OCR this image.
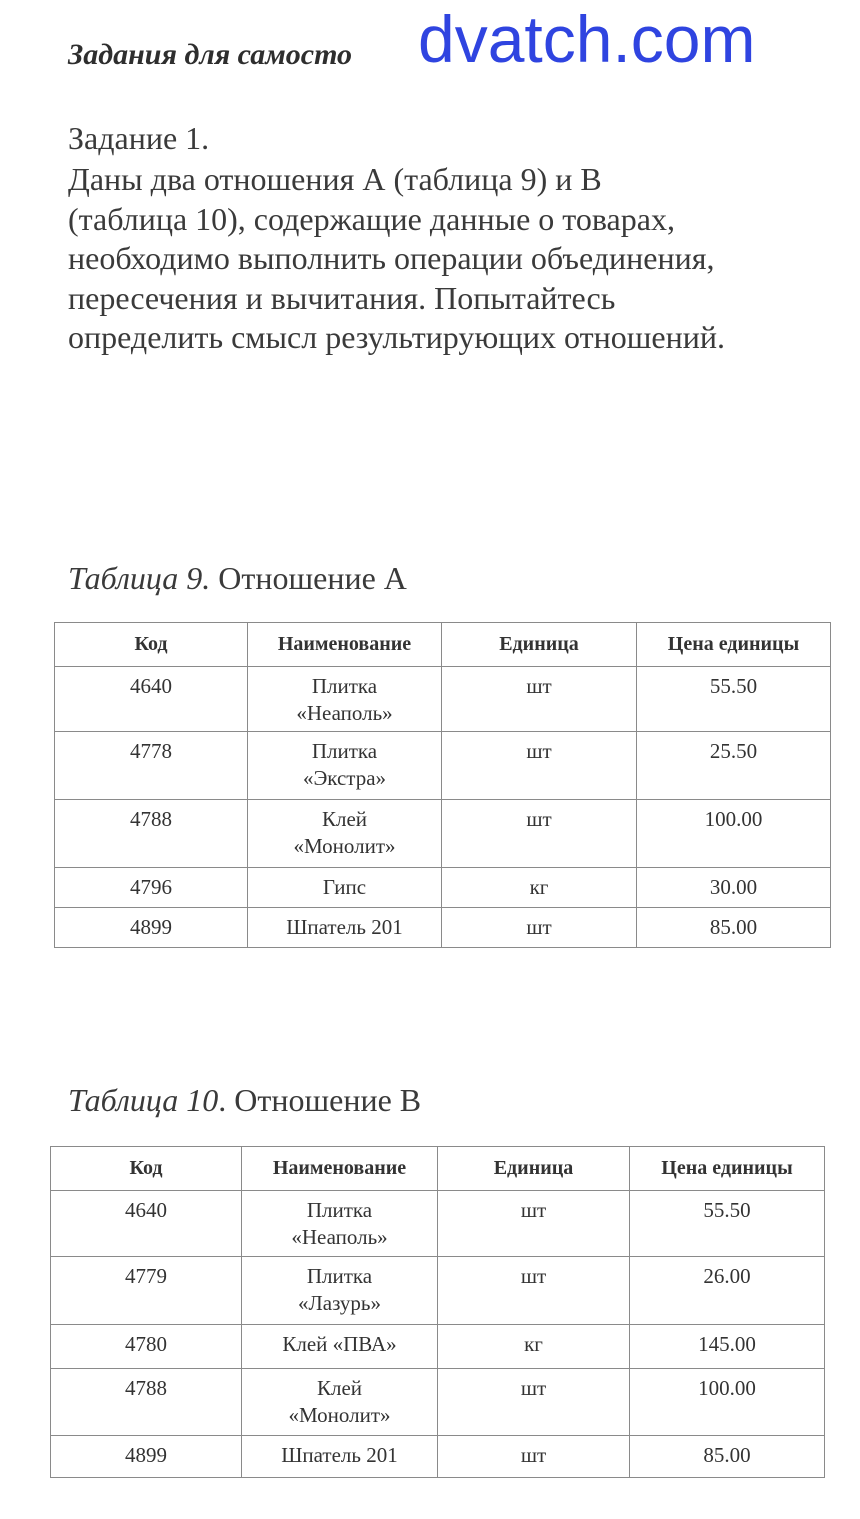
Задания для самосто dvatch.com
Задание 1.
Даны два отношения А (таблица 9) и В
(таблица 10), содержащие данные о товарах,
необходимо выполнить операции объединения,
пересечения и вычитания. Попытайтесь
определить смысл результирующих отношений.
Таблица 9. Отношение А
Код	Наименование	Единица	Цена единицы
4640	Плитка
«Неаполь»	шт	55.50
4778	Плитка
«Экстра»	шт	25.50
4788	Клей
«Монолит»	шт	100.00
4796	Гипс	кг	30.00
4899	Шпатель 201	шт	85.00
Таблица 10. Отношение В
Код	Наименование	Единица	Цена единицы
4640	Плитка
«Неаполь»	шт	55.50
4779	Плитка
«Лазурь»	шт	26.00
4780	Клей «ПВА»	кг	145.00
4788	Клей
«Монолит»	шт	100.00
4899	Шпатель 201	шт	85.00
